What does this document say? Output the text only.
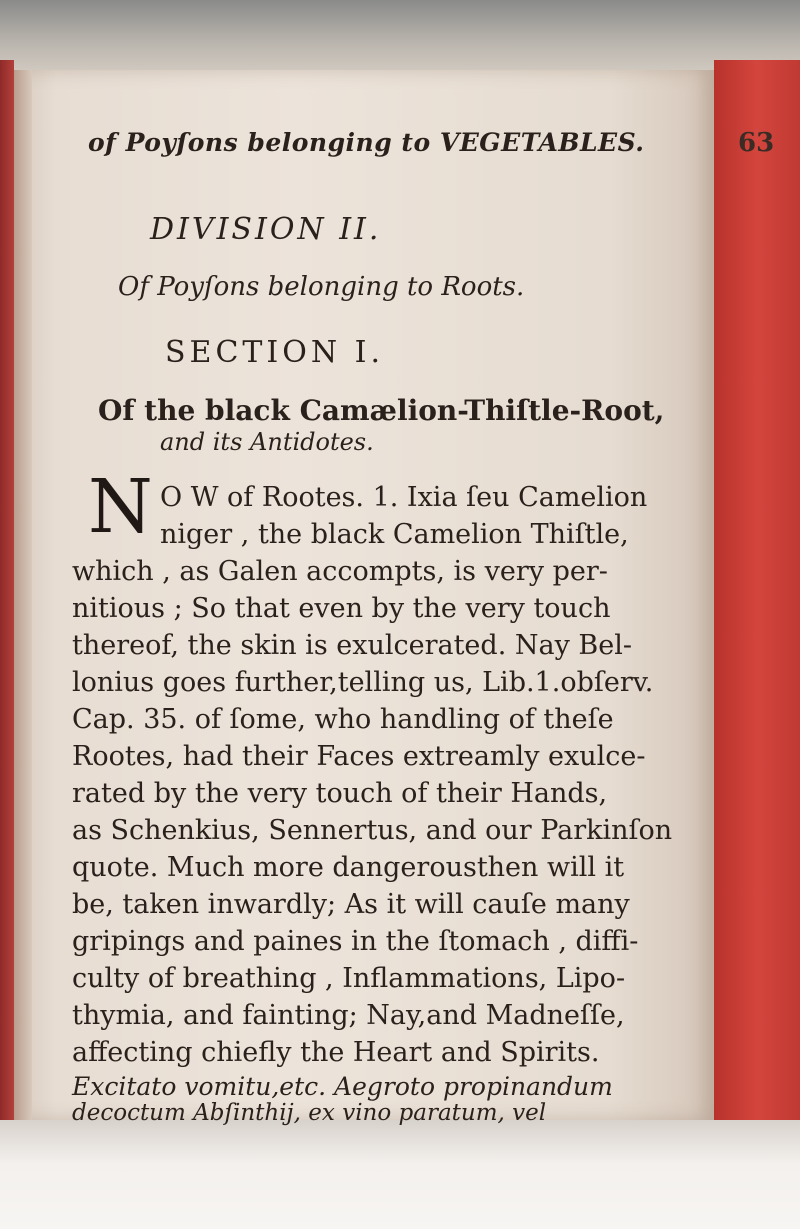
of Poyſons belonging to VEGETABLES.	63
DIVISION II.
Of Poyſons belonging to Roots.
SECTION I.
Of the black Camælion-Thiſtle-Root,
and its Antidotes.
N O W of Rootes. 1. Ixia ſeu Camelion
niger , the black Camelion Thiſtle,
which , as Galen accompts, is very per-
nitious ; So that even by the very touch
thereof, the skin is exulcerated. Nay Bel-
lonius goes further,telling us, Lib.1.obſerv.
Cap. 35. of ſome, who handling of theſe
Rootes, had their Faces extreamly exulce-
rated by the very touch of their Hands,
as Schenkius, Sennertus, and our Parkinſon
quote. Much more dangerousthen will it
be, taken inwardly; As it will cauſe many
gripings and paines in the ſtomach , diffi-
culty of breathing , Inflammations, Lipo-
thymia, and fainting; Nay,and Madneſſe,
affecting chiefly the Heart and Spirits.
Excitato vomitu,etc. Aegroto propinandum
decoctum Abſinthij, ex vino paratum, vel
